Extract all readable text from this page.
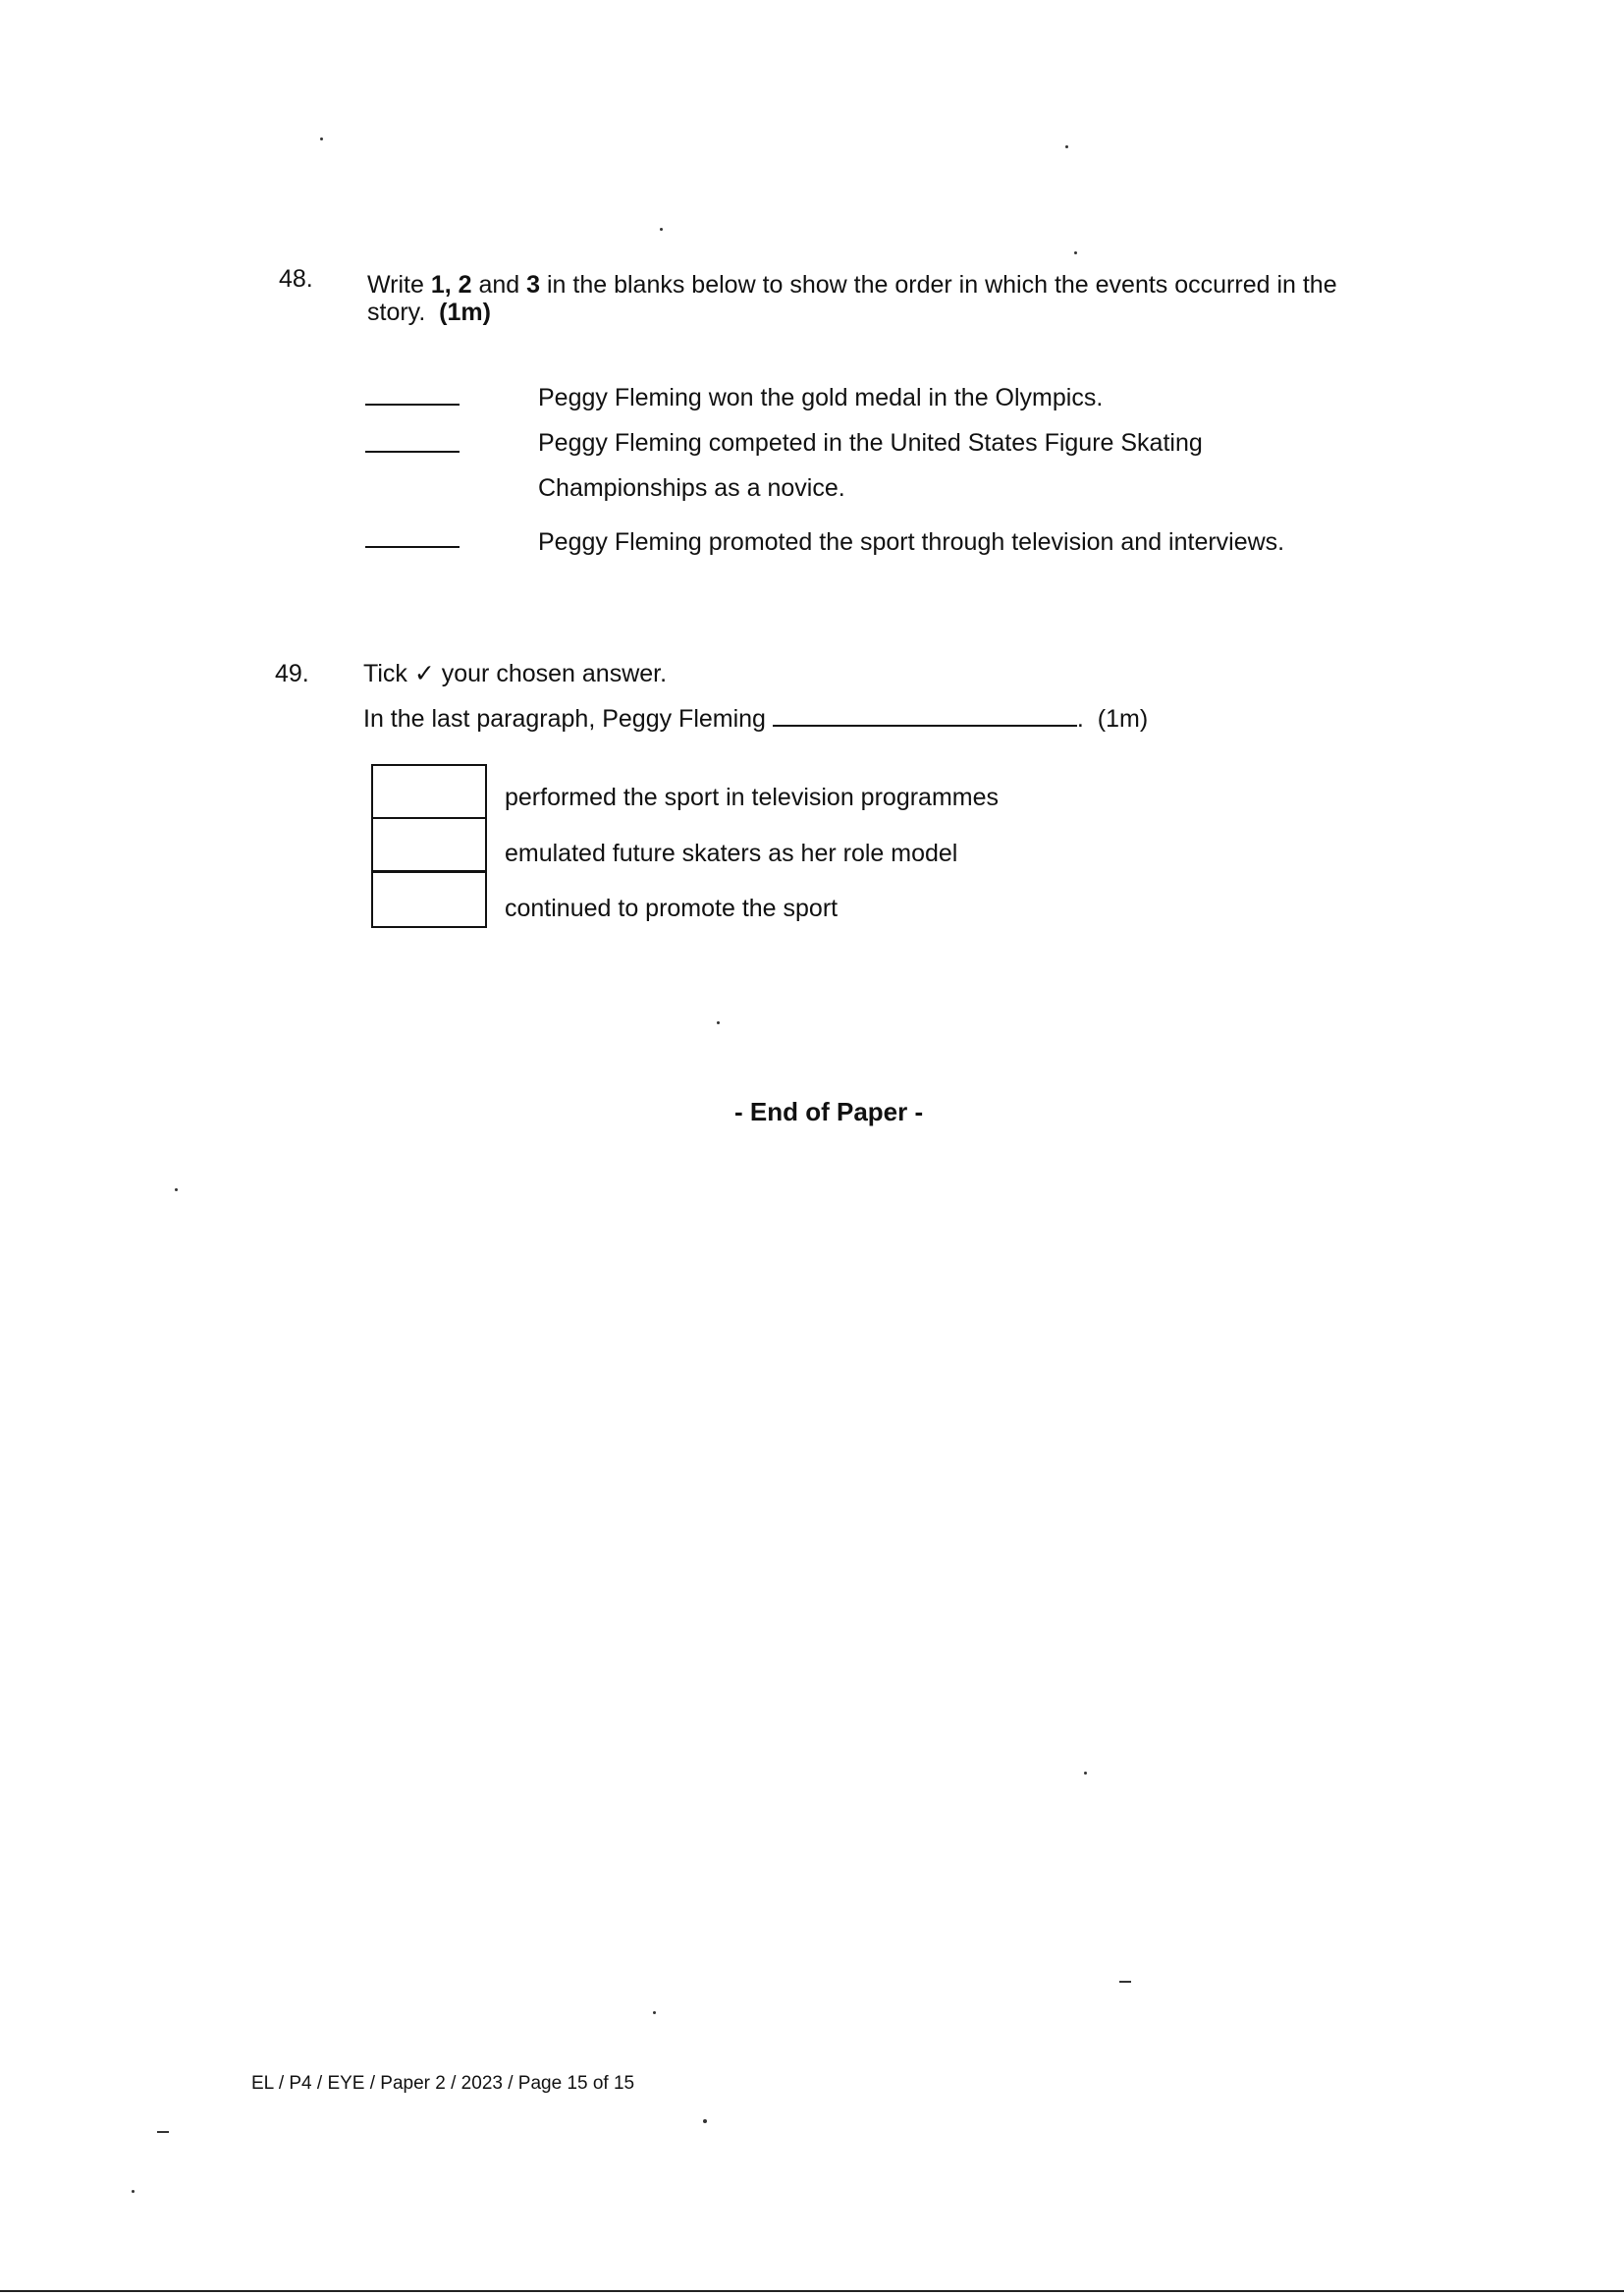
48. Write 1, 2 and 3 in the blanks below to show the order in which the events occurred in the
story. (1m)
Peggy Fleming won the gold medal in the Olympics.
Peggy Fleming competed in the United States Figure Skating
Championships as a novice.
Peggy Fleming promoted the sport through television and interviews.
49. Tick ✓ your chosen answer.
In the last paragraph, Peggy Fleming	. (1m)
performed the sport in television programmes
emulated future skaters as her role model
continued to promote the sport
- End of Paper -
EL / P4 / EYE / Paper 2 / 2023 / Page 15 of 15
